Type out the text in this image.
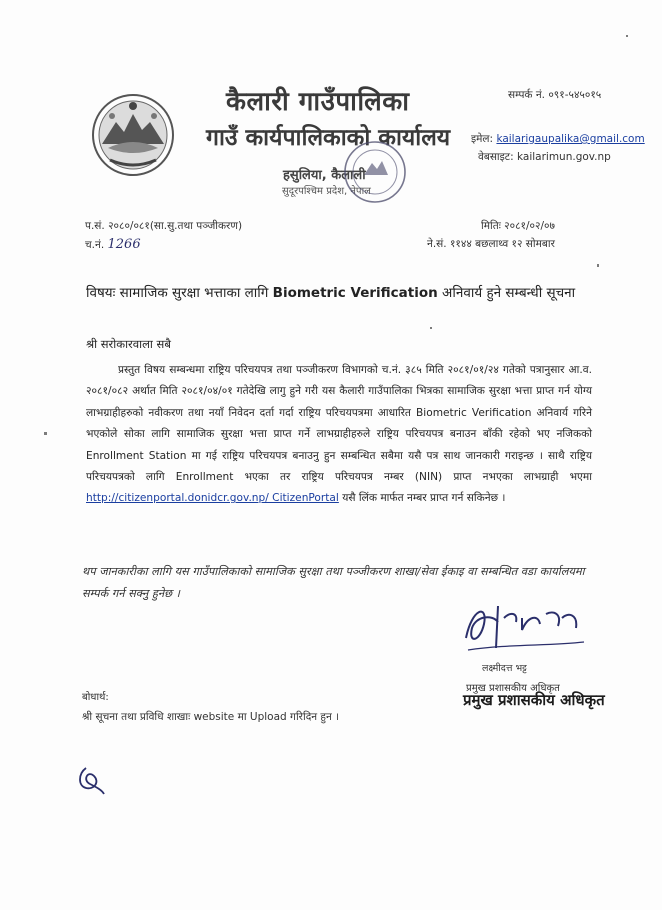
कैलारी गाउँपालिका
गाउँ कार्यपालिकाको कार्यालय
हसुलिया, कैलाली
सुदूरपश्चिम प्रदेश, नेपाल
सम्पर्क नं. ०९१-५४५०१५
इमेल: kailarigaupalika@gmail.com
वेबसाइट: kailarimun.gov.np
प.सं. २०८०/०८१(सा.सु.तथा पञ्जीकरण)	मितिः २०८१/०२/०७
च.नं. 1266	ने.सं. ११४४ बछलाथ्व १२ सोमबार
विषयः सामाजिक सुरक्षा भत्ताका लागि Biometric Verification अनिवार्य हुने सम्बन्धी सूचना
श्री सरोकारवाला सबै
प्रस्तुत विषय सम्बन्धमा राष्ट्रिय परिचयपत्र तथा पञ्जीकरण विभागको च.नं. ३८५ मिति २०८१/०१/२४ गतेको पत्रानुसार आ.व. २०८१/०८२ अर्थात मिति २०८१/०४/०१ गतेदेखि लागु हुने गरी यस कैलारी गाउँपालिका भित्रका सामाजिक सुरक्षा भत्ता प्राप्त गर्न योग्य लाभग्राहीहरुको नवीकरण तथा नयाँ निवेदन दर्ता गर्दा राष्ट्रिय परिचयपत्रमा आधारित Biometric Verification अनिवार्य गरिने भएकोले सोका लागि सामाजिक सुरक्षा भत्ता प्राप्त गर्ने लाभग्राहीहरुले राष्ट्रिय परिचयपत्र बनाउन बाँकी रहेको भए नजिकको Enrollment Station मा गई राष्ट्रिय परिचयपत्र बनाउनु हुन सम्बन्धित सबैमा यसै पत्र साथ जानकारी गराइन्छ । साथै राष्ट्रिय परिचयपत्रको लागि Enrollment भएका तर राष्ट्रिय परिचयपत्र नम्बर (NIN) प्राप्त नभएका लाभग्राही भएमा http://citizenportal.donidcr.gov.np/ CitizenPortal यसै लिंक मार्फत नम्बर प्राप्त गर्न सकिनेछ ।
थप जानकारीका लागि यस गाउँपालिकाको सामाजिक सुरक्षा तथा पञ्जीकरण शाखा/सेवा ईकाइ वा सम्बन्धित वडा कार्यालयमा सम्पर्क गर्न सक्नु हुनेछ ।
लक्ष्मीदत्त भट्ट
प्रमुख प्रशासकीय अधिकृत
प्रमुख प्रशासकीय अधिकृत
बोधार्थ:
श्री सूचना तथा प्रविधि शाखाः website मा Upload गरिदिन हुन ।
